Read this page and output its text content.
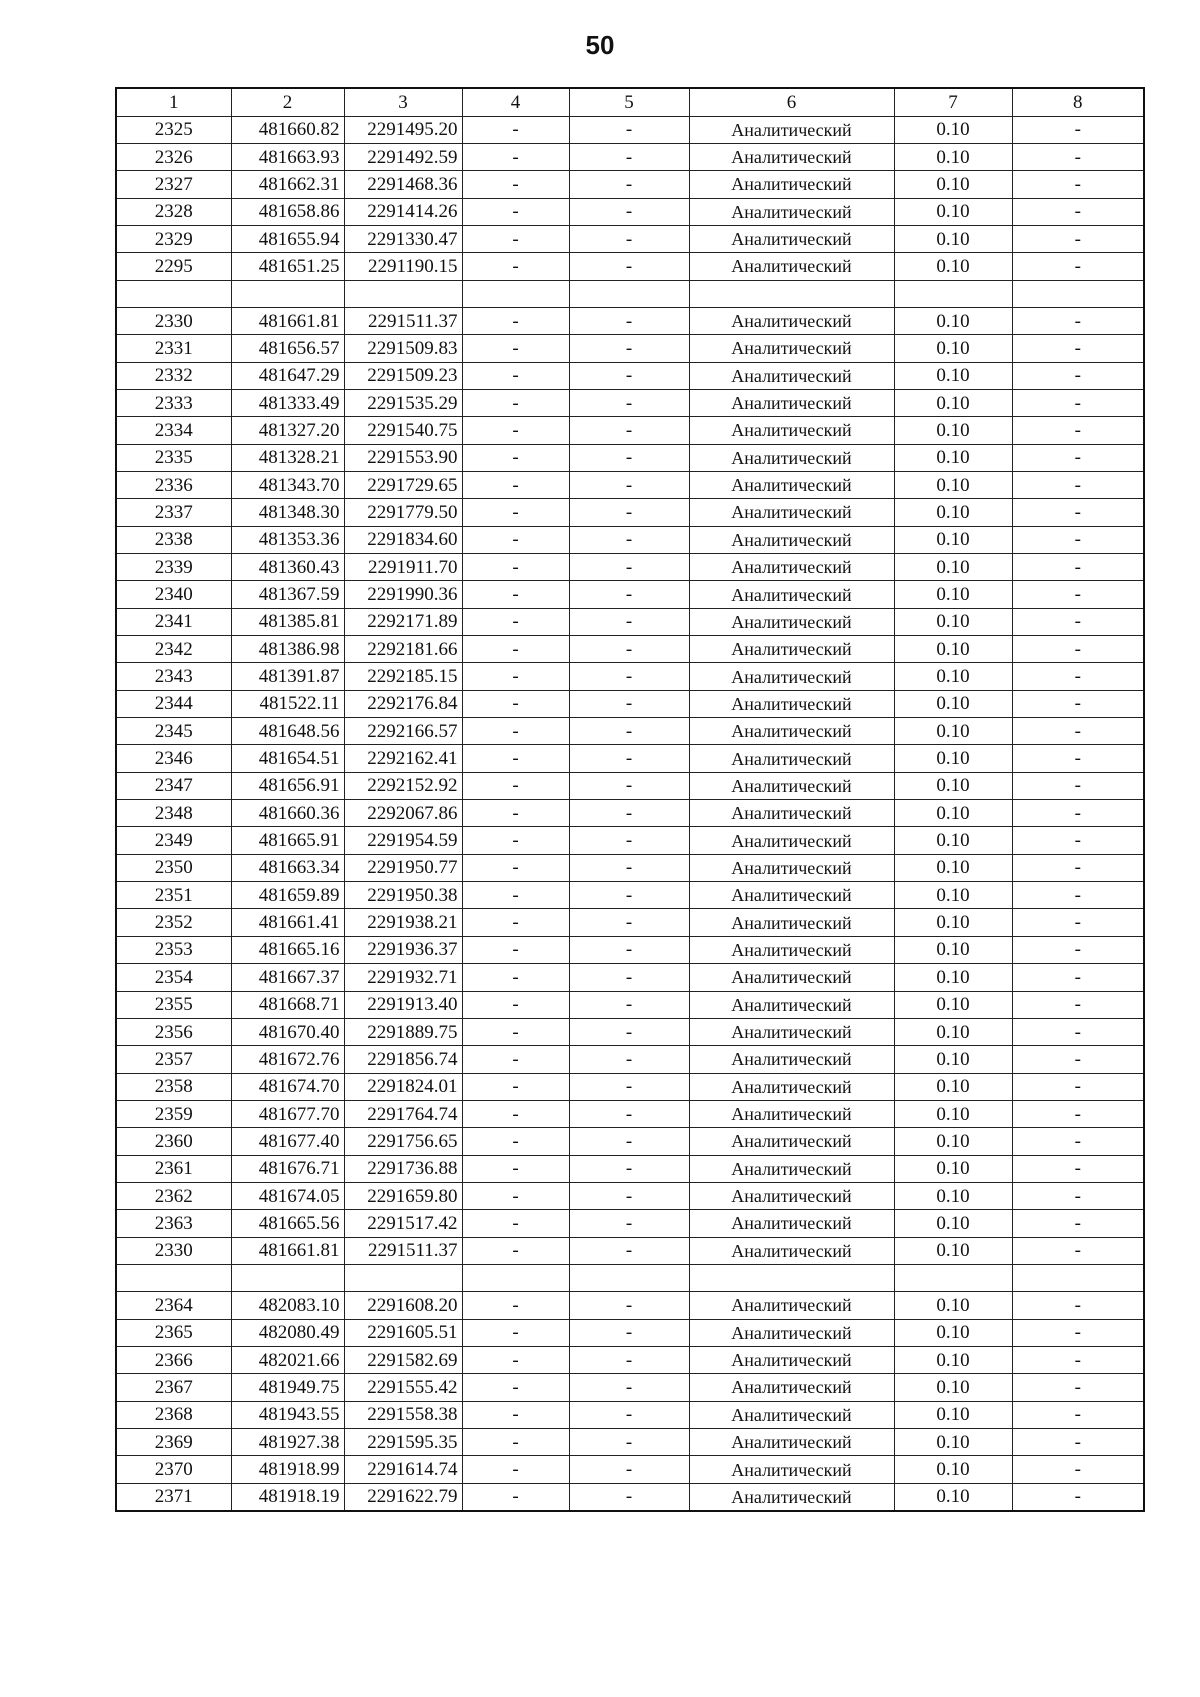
50
1	2	3	4	5	6	7	8
2325	481660.82	2291495.20	-	-	Аналитический	0.10	-
2326	481663.93	2291492.59	-	-	Аналитический	0.10	-
2327	481662.31	2291468.36	-	-	Аналитический	0.10	-
2328	481658.86	2291414.26	-	-	Аналитический	0.10	-
2329	481655.94	2291330.47	-	-	Аналитический	0.10	-
2295	481651.25	2291190.15	-	-	Аналитический	0.10	-

2330	481661.81	2291511.37	-	-	Аналитический	0.10	-
2331	481656.57	2291509.83	-	-	Аналитический	0.10	-
2332	481647.29	2291509.23	-	-	Аналитический	0.10	-
2333	481333.49	2291535.29	-	-	Аналитический	0.10	-
2334	481327.20	2291540.75	-	-	Аналитический	0.10	-
2335	481328.21	2291553.90	-	-	Аналитический	0.10	-
2336	481343.70	2291729.65	-	-	Аналитический	0.10	-
2337	481348.30	2291779.50	-	-	Аналитический	0.10	-
2338	481353.36	2291834.60	-	-	Аналитический	0.10	-
2339	481360.43	2291911.70	-	-	Аналитический	0.10	-
2340	481367.59	2291990.36	-	-	Аналитический	0.10	-
2341	481385.81	2292171.89	-	-	Аналитический	0.10	-
2342	481386.98	2292181.66	-	-	Аналитический	0.10	-
2343	481391.87	2292185.15	-	-	Аналитический	0.10	-
2344	481522.11	2292176.84	-	-	Аналитический	0.10	-
2345	481648.56	2292166.57	-	-	Аналитический	0.10	-
2346	481654.51	2292162.41	-	-	Аналитический	0.10	-
2347	481656.91	2292152.92	-	-	Аналитический	0.10	-
2348	481660.36	2292067.86	-	-	Аналитический	0.10	-
2349	481665.91	2291954.59	-	-	Аналитический	0.10	-
2350	481663.34	2291950.77	-	-	Аналитический	0.10	-
2351	481659.89	2291950.38	-	-	Аналитический	0.10	-
2352	481661.41	2291938.21	-	-	Аналитический	0.10	-
2353	481665.16	2291936.37	-	-	Аналитический	0.10	-
2354	481667.37	2291932.71	-	-	Аналитический	0.10	-
2355	481668.71	2291913.40	-	-	Аналитический	0.10	-
2356	481670.40	2291889.75	-	-	Аналитический	0.10	-
2357	481672.76	2291856.74	-	-	Аналитический	0.10	-
2358	481674.70	2291824.01	-	-	Аналитический	0.10	-
2359	481677.70	2291764.74	-	-	Аналитический	0.10	-
2360	481677.40	2291756.65	-	-	Аналитический	0.10	-
2361	481676.71	2291736.88	-	-	Аналитический	0.10	-
2362	481674.05	2291659.80	-	-	Аналитический	0.10	-
2363	481665.56	2291517.42	-	-	Аналитический	0.10	-
2330	481661.81	2291511.37	-	-	Аналитический	0.10	-

2364	482083.10	2291608.20	-	-	Аналитический	0.10	-
2365	482080.49	2291605.51	-	-	Аналитический	0.10	-
2366	482021.66	2291582.69	-	-	Аналитический	0.10	-
2367	481949.75	2291555.42	-	-	Аналитический	0.10	-
2368	481943.55	2291558.38	-	-	Аналитический	0.10	-
2369	481927.38	2291595.35	-	-	Аналитический	0.10	-
2370	481918.99	2291614.74	-	-	Аналитический	0.10	-
2371	481918.19	2291622.79	-	-	Аналитический	0.10	-
